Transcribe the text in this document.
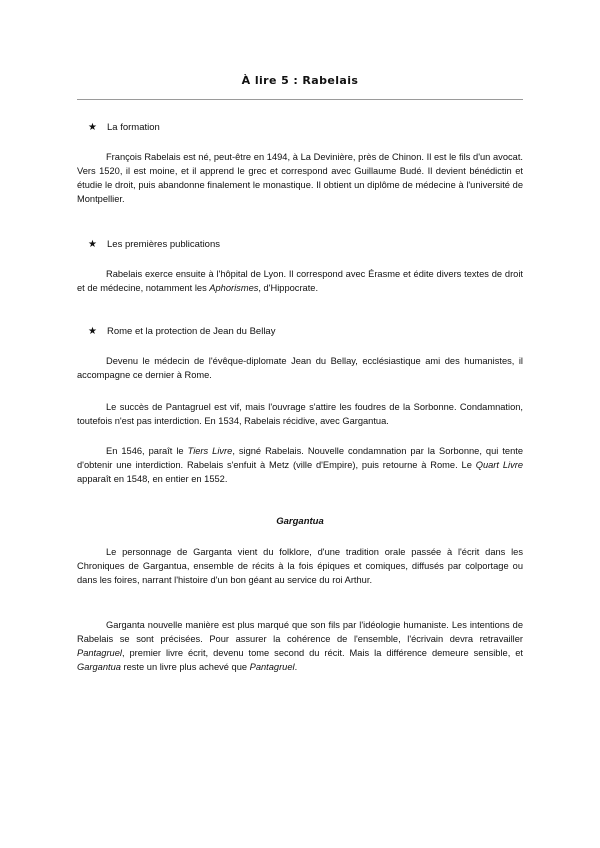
À lire 5 : Rabelais
★ La formation

François Rabelais est né, peut-être en 1494, à La Devinière, près de Chinon. Il est le fils d'un avocat. Vers 1520, il est moine, et il apprend le grec et correspond avec Guillaume Budé. Il devient bénédictin et étudie le droit, puis abandonne finalement le monastique. Il obtient un diplôme de médecine à l'université de Montpellier.

★ Les premières publications

Rabelais exerce ensuite à l'hôpital de Lyon. Il correspond avec Érasme et édite divers textes de droit et de médecine, notamment les Aphorismes, d'Hippocrate.

★ Rome et la protection de Jean du Bellay

Devenu le médecin de l'évêque-diplomate Jean du Bellay, ecclésiastique ami des humanistes, il accompagne ce dernier à Rome.

Le succès de Pantagruel est vif, mais l'ouvrage s'attire les foudres de la Sorbonne. Condamnation, toutefois n'est pas interdiction. En 1534, Rabelais récidive, avec Gargantua.

En 1546, paraît le Tiers Livre, signé Rabelais. Nouvelle condamnation par la Sorbonne, qui tente d'obtenir une interdiction. Rabelais s'enfuit à Metz (ville d'Empire), puis retourne à Rome. Le Quart Livre apparaît en 1548, en entier en 1552.

Gargantua

Le personnage de Garganta vient du folklore, d'une tradition orale passée à l'écrit dans les Chroniques de Gargantua, ensemble de récits à la fois épiques et comiques, diffusés par colportage ou dans les foires, narrant l'histoire d'un bon géant au service du roi Arthur.

Garganta nouvelle manière est plus marqué que son fils par l'idéologie humaniste. Les intentions de Rabelais se sont précisées. Pour assurer la cohérence de l'ensemble, l'écrivain devra retravailler Pantagruel, premier livre écrit, devenu tome second du récit. Mais la différence demeure sensible, et Gargantua reste un livre plus achevé que Pantagruel.
